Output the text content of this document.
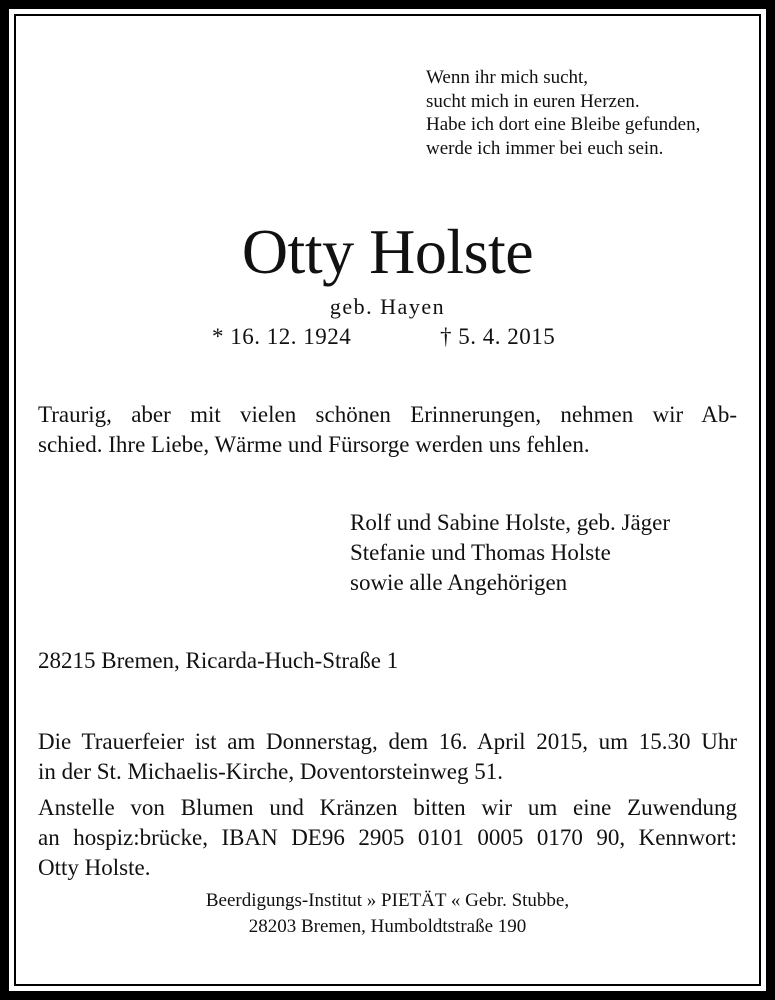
Wenn ihr mich sucht,
sucht mich in euren Herzen.
Habe ich dort eine Bleibe gefunden,
werde ich immer bei euch sein.
Otty Holste
geb. Hayen
* 16. 12. 1924	† 5. 4. 2015
Traurig, aber mit vielen schönen Erinnerungen, nehmen wir Ab-
schied. Ihre Liebe, Wärme und Fürsorge werden uns fehlen.
Rolf und Sabine Holste, geb. Jäger
Stefanie und Thomas Holste
sowie alle Angehörigen
28215 Bremen, Ricarda-Huch-Straße 1
Die Trauerfeier ist am Donnerstag, dem 16. April 2015, um 15.30 Uhr
in der St. Michaelis-Kirche, Doventorsteinweg 51.
Anstelle von Blumen und Kränzen bitten wir um eine Zuwendung
an hospiz:brücke, IBAN DE96 2905 0101 0005 0170 90, Kennwort:
Otty Holste.
Beerdigungs-Institut » PIETÄT « Gebr. Stubbe,
28203 Bremen, Humboldtstraße 190
